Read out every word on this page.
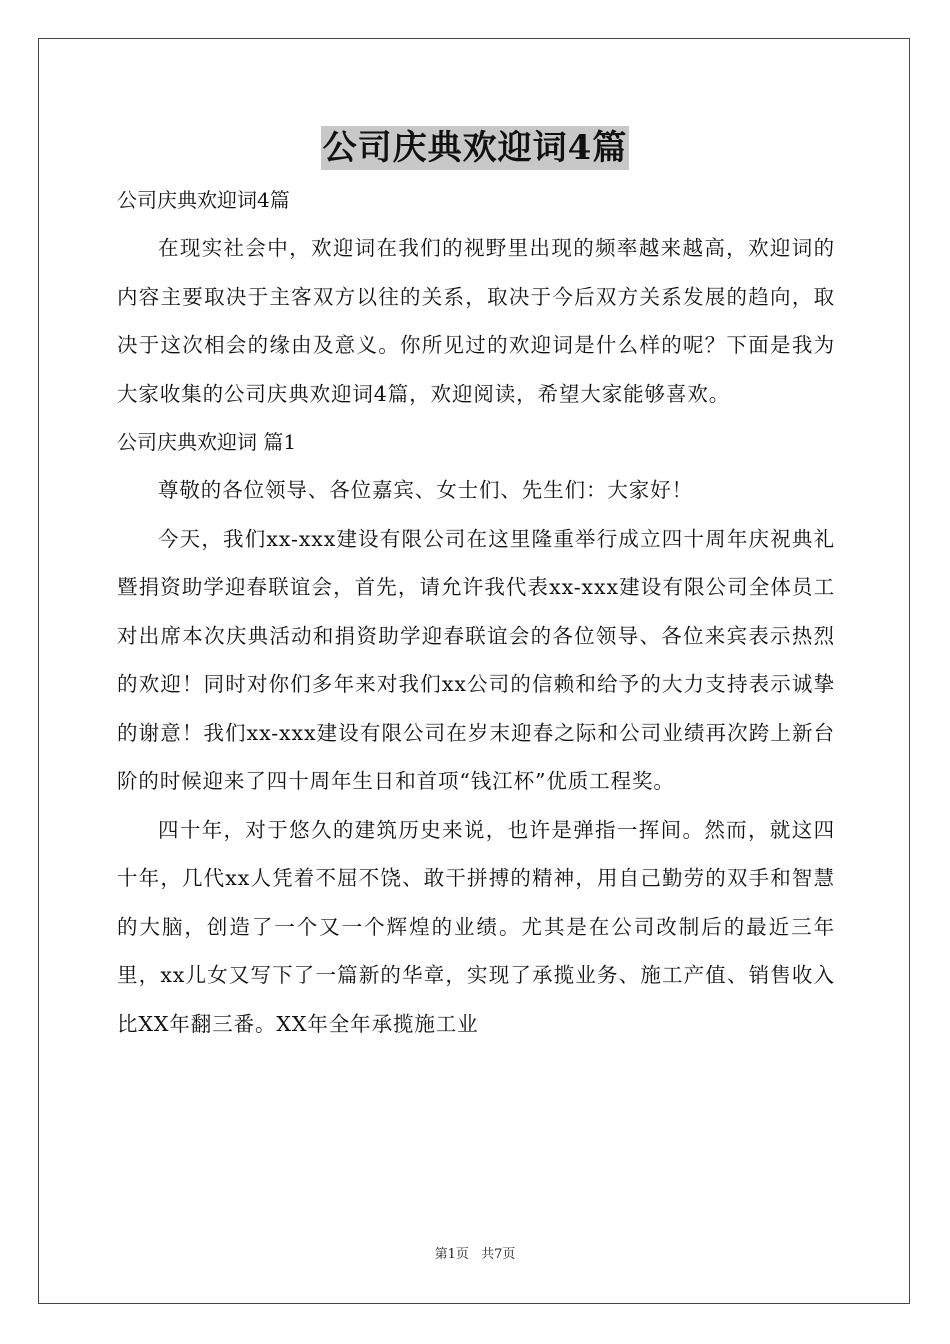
公司庆典欢迎词4篇

公司庆典欢迎词4篇

在现实社会中，欢迎词在我们的视野里出现的频率越来越高，欢迎词的内容主要取决于主客双方以往的关系，取决于今后双方关系发展的趋向，取决于这次相会的缘由及意义。你所见过的欢迎词是什么样的呢？下面是我为大家收集的公司庆典欢迎词4篇，欢迎阅读，希望大家能够喜欢。

公司庆典欢迎词 篇1

尊敬的各位领导、各位嘉宾、女士们、先生们：大家好！

今天，我们xx-xxx建设有限公司在这里隆重举行成立四十周年庆祝典礼暨捐资助学迎春联谊会，首先，请允许我代表xx-xxx建设有限公司全体员工对出席本次庆典活动和捐资助学迎春联谊会的各位领导、各位来宾表示热烈的欢迎！同时对你们多年来对我们xx公司的信赖和给予的大力支持表示诚挚的谢意！我们xx-xxx建设有限公司在岁末迎春之际和公司业绩再次跨上新台阶的时候迎来了四十周年生日和首项“钱江杯”优质工程奖。

四十年，对于悠久的建筑历史来说，也许是弹指一挥间。然而，就这四十年，几代xx人凭着不屈不饶、敢干拼搏的精神，用自己勤劳的双手和智慧的大脑，创造了一个又一个辉煌的业绩。尤其是在公司改制后的最近三年里，xx儿女又写下了一篇新的华章，实现了承揽业务、施工产值、销售收入比XX年翻三番。XX年全年承揽施工业

第1页 共7页
